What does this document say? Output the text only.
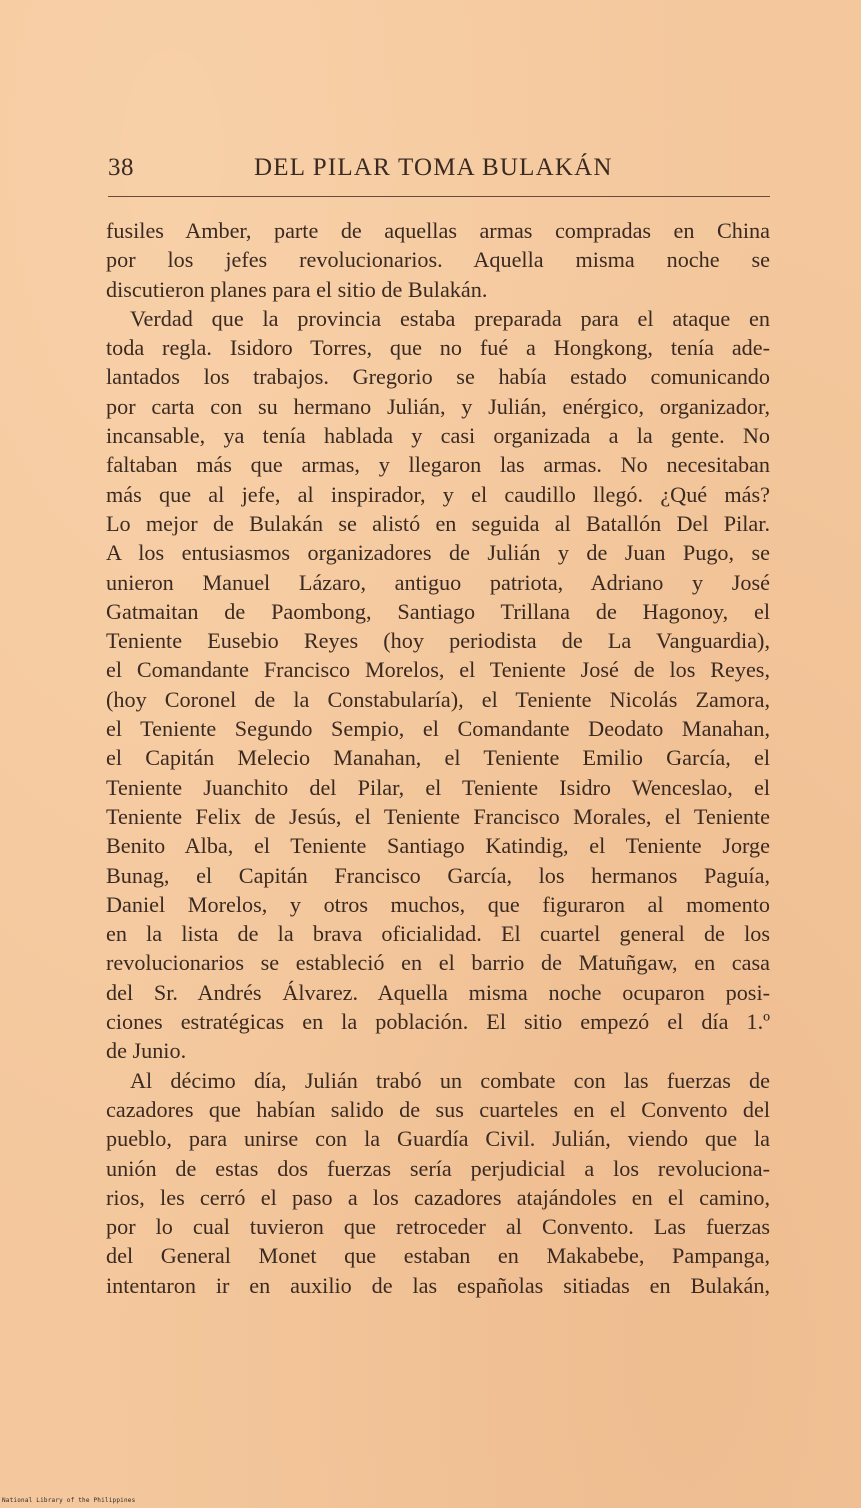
38	DEL PILAR TOMA BULAKÁN
fusiles Amber, parte de aquellas armas compradas en China
por los jefes revolucionarios. Aquella misma noche se
discutieron planes para el sitio de Bulakán.
Verdad que la provincia estaba preparada para el ataque en
toda regla. Isidoro Torres, que no fué a Hongkong, tenía ade-
lantados los trabajos. Gregorio se había estado comunicando
por carta con su hermano Julián, y Julián, enérgico, organizador,
incansable, ya tenía hablada y casi organizada a la gente. No
faltaban más que armas, y llegaron las armas. No necesitaban
más que al jefe, al inspirador, y el caudillo llegó. ¿Qué más?
Lo mejor de Bulakán se alistó en seguida al Batallón Del Pilar.
A los entusiasmos organizadores de Julián y de Juan Pugo, se
unieron Manuel Lázaro, antiguo patriota, Adriano y José
Gatmaitan de Paombong, Santiago Trillana de Hagonoy, el
Teniente Eusebio Reyes (hoy periodista de La Vanguardia),
el Comandante Francisco Morelos, el Teniente José de los Reyes,
(hoy Coronel de la Constabularía), el Teniente Nicolás Zamora,
el Teniente Segundo Sempio, el Comandante Deodato Manahan,
el Capitán Melecio Manahan, el Teniente Emilio García, el
Teniente Juanchito del Pilar, el Teniente Isidro Wenceslao, el
Teniente Felix de Jesús, el Teniente Francisco Morales, el Teniente
Benito Alba, el Teniente Santiago Katindig, el Teniente Jorge
Bunag, el Capitán Francisco García, los hermanos Paguía,
Daniel Morelos, y otros muchos, que figuraron al momento
en la lista de la brava oficialidad. El cuartel general de los
revolucionarios se estableció en el barrio de Matuñgaw, en casa
del Sr. Andrés Álvarez. Aquella misma noche ocuparon posi-
ciones estratégicas en la población. El sitio empezó el día 1.º
de Junio.
Al décimo día, Julián trabó un combate con las fuerzas de
cazadores que habían salido de sus cuarteles en el Convento del
pueblo, para unirse con la Guardía Civil. Julián, viendo que la
unión de estas dos fuerzas sería perjudicial a los revoluciona-
rios, les cerró el paso a los cazadores atajándoles en el camino,
por lo cual tuvieron que retroceder al Convento. Las fuerzas
del General Monet que estaban en Makabebe, Pampanga,
intentaron ir en auxilio de las españolas sitiadas en Bulakán,
National Library of the Philippines
